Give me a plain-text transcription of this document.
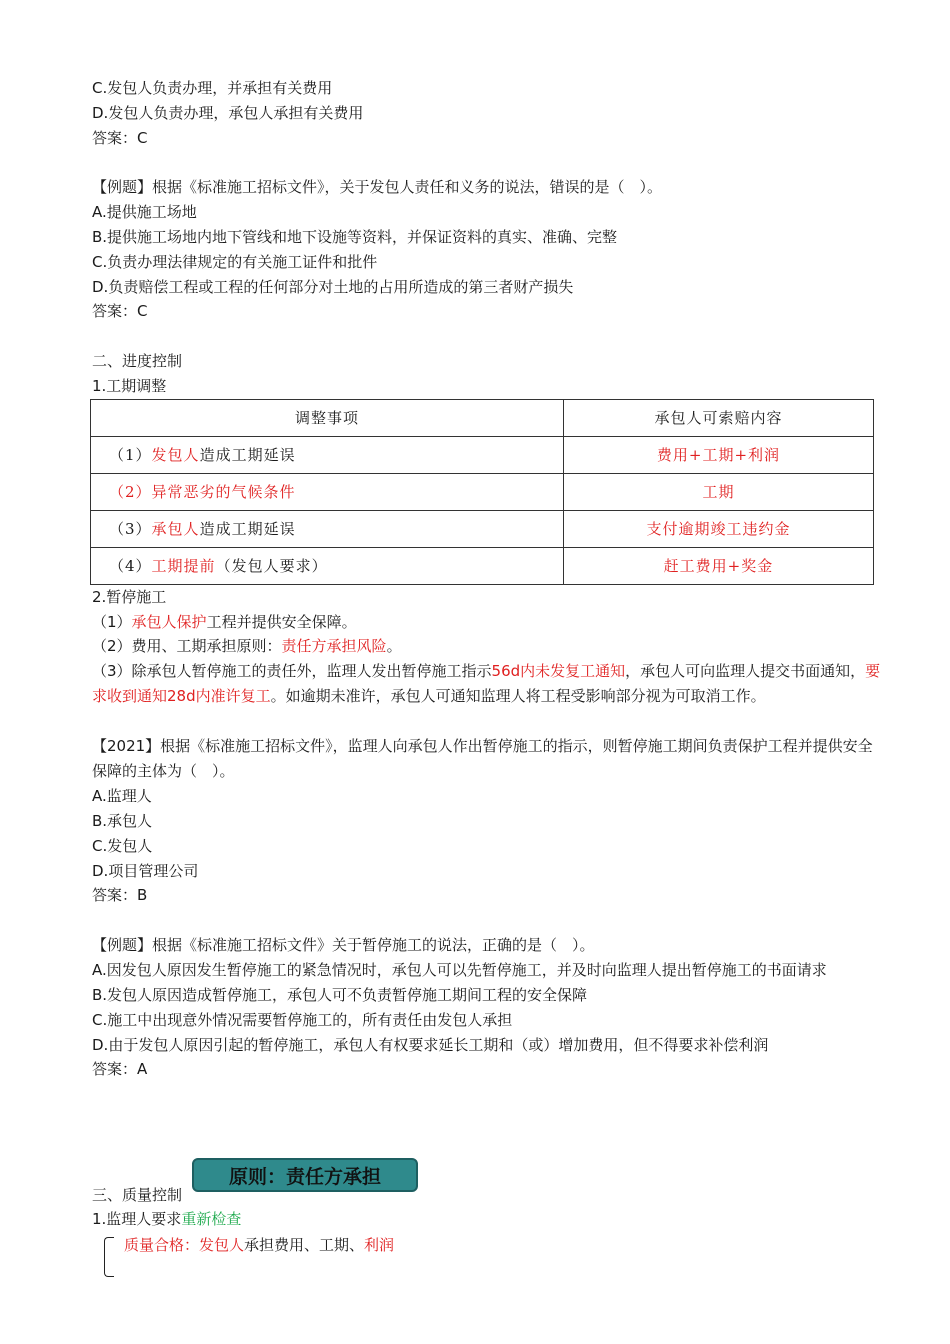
C.发包人负责办理，并承担有关费用
D.发包人负责办理，承包人承担有关费用
答案：C
【例题】根据《标准施工招标文件》，关于发包人责任和义务的说法，错误的是（　）。
A.提供施工场地
B.提供施工场地内地下管线和地下设施等资料，并保证资料的真实、准确、完整
C.负责办理法律规定的有关施工证件和批件
D.负责赔偿工程或工程的任何部分对土地的占用所造成的第三者财产损失
答案：C
二、进度控制
1.工期调整
调整事项	承包人可索赔内容
（1）发包人造成工期延误	费用+工期+利润
（2）异常恶劣的气候条件	工期
（3）承包人造成工期延误	支付逾期竣工违约金
（4）工期提前（发包人要求）	赶工费用+奖金
2.暂停施工
（1）承包人保护工程并提供安全保障。
（2）费用、工期承担原则：责任方承担风险。
（3）除承包人暂停施工的责任外，监理人发出暂停施工指示56d内未发复工通知，承包人可向监理人提交书面通知，要求收到通知28d内准许复工。如逾期未准许，承包人可通知监理人将工程受影响部分视为可取消工作。
【2021】根据《标准施工招标文件》，监理人向承包人作出暂停施工的指示，则暂停施工期间负责保护工程并提供安全保障的主体为（　）。
A.监理人
B.承包人
C.发包人
D.项目管理公司
答案：B
【例题】根据《标准施工招标文件》关于暂停施工的说法，正确的是（　）。
A.因发包人原因发生暂停施工的紧急情况时，承包人可以先暂停施工，并及时向监理人提出暂停施工的书面请求
B.发包人原因造成暂停施工，承包人可不负责暂停施工期间工程的安全保障
C.施工中出现意外情况需要暂停施工的，所有责任由发包人承担
D.由于发包人原因引起的暂停施工，承包人有权要求延长工期和（或）增加费用，但不得要求补偿利润
答案：A
原则：责任方承担
三、质量控制
1.监理人要求重新检查
质量合格：发包人承担费用、工期、利润
